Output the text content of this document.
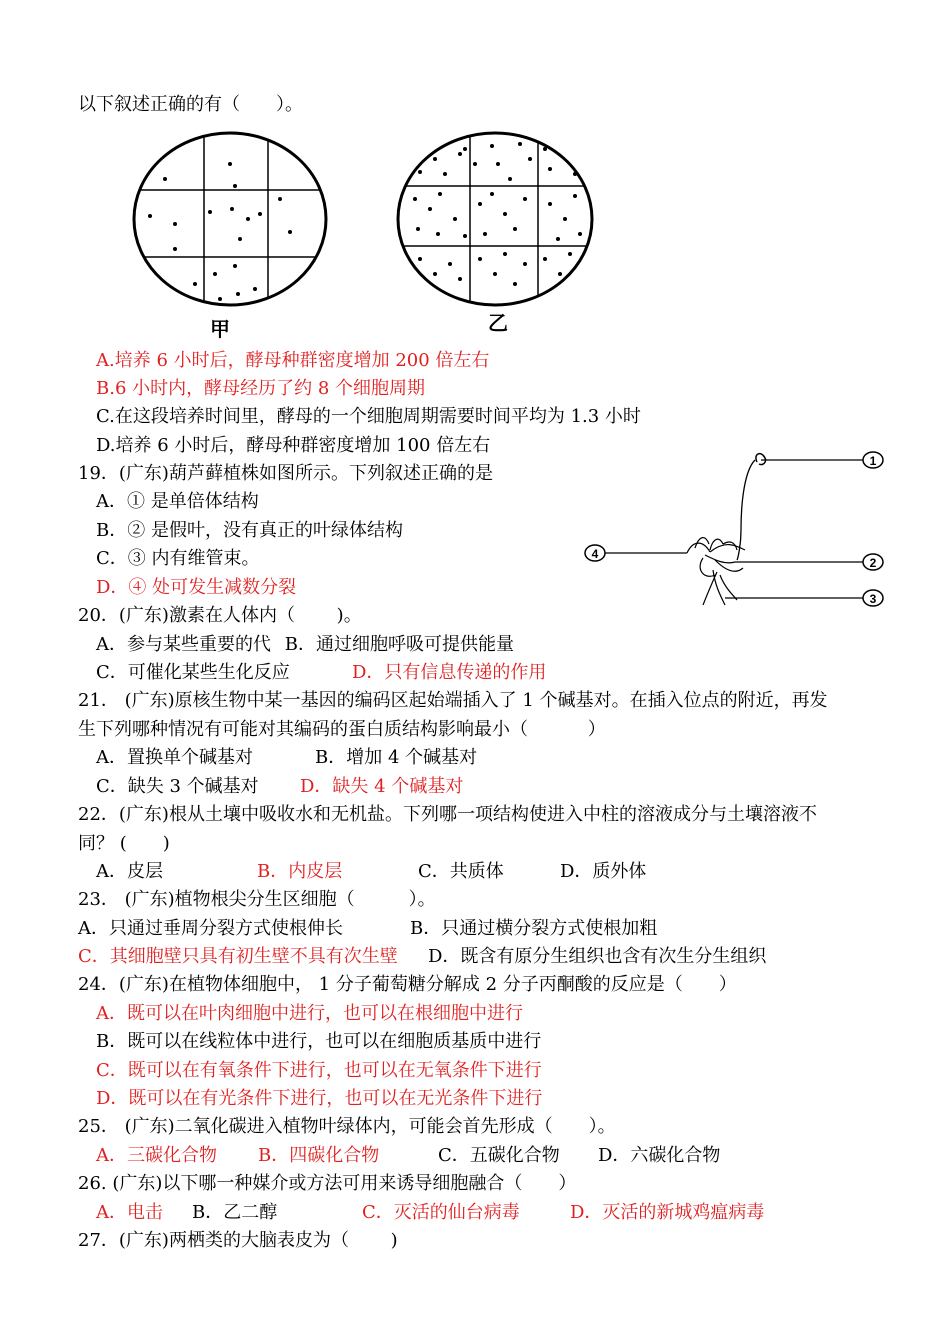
以下叙述正确的有（　　）。
甲	乙
A.培养 6 小时后，酵母种群密度增加 200 倍左右
B.6 小时内，酵母经历了约 8 个细胞周期
C.在这段培养时间里，酵母的一个细胞周期需要时间平均为 1.3 小时
D.培养 6 小时后，酵母种群密度增加 100 倍左右
19．(广东)葫芦藓植株如图所示。下列叙述正确的是
A．① 是单倍体结构
B．② 是假叶，没有真正的叶绿体结构
C．③ 内有维管束。
D．④ 处可发生减数分裂
1
2
3
4
20．(广东)激素在人体内（　　 )。
A．参与某些重要的代 B．通过细胞呼吸可提供能量
C．可催化某些生化反应	D．只有信息传递的作用
21． (广东)原核生物中某一基因的编码区起始端插入了 1 个碱基对。在插入位点的附近，再发
生下列哪种情况有可能对其编码的蛋白质结构影响最小（　　　 ）
A．置换单个碱基对	B．增加 4 个碱基对
C．缺失 3 个碱基对 D．缺失 4 个碱基对
22．(广东)根从土壤中吸收水和无机盐。下列哪一项结构使进入中柱的溶液成分与土壤溶液不
同？ (　　)
A．皮层	B．内皮层	C．共质体	D．质外体
23． (广东)植物根尖分生区细胞（　　　）。
A．只通过垂周分裂方式使根伸长	B．只通过横分裂方式使根加粗
C．其细胞壁只具有初生壁不具有次生壁 D．既含有原分生组织也含有次生分生组织
24．(广东)在植物体细胞中， 1 分子葡萄糖分解成 2 分子丙酮酸的反应是（　　）
A．既可以在叶肉细胞中进行，也可以在根细胞中进行
B．既可以在线粒体中进行，也可以在细胞质基质中进行
C．既可以在有氧条件下进行，也可以在无氧条件下进行
D．既可以在有光条件下进行，也可以在无光条件下进行
25． (广东)二氧化碳进入植物叶绿体内，可能会首先形成（　　）。
A．三碳化合物 B．四碳化合物	C．五碳化合物 D．六碳化合物
26. (广东)以下哪一种媒介或方法可用来诱导细胞融合（　　）
A．电击 B．乙二醇	C．灭活的仙台病毒	D．灭活的新城鸡瘟病毒
27．(广东)两栖类的大脑表皮为（　　 )
